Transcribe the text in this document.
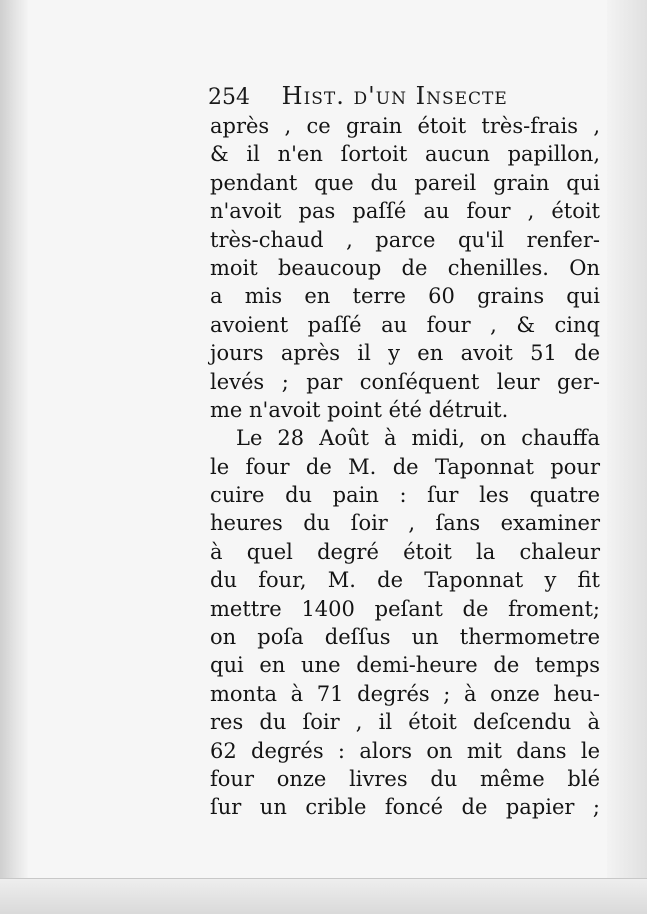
254 Hist. d'un Insecte
après , ce grain étoit très-frais ,
& il n'en ſortoit aucun papillon,
pendant que du pareil grain qui
n'avoit pas paſſé au four , étoit
très-chaud , parce qu'il renfer-
moit beaucoup de chenilles. On
a mis en terre 60 grains qui
avoient paſſé au four , & cinq
jours après il y en avoit 51 de
levés ; par conſéquent leur ger-
me n'avoit point été détruit.
Le 28 Août à midi, on chauffa
le four de M. de Taponnat pour
cuire du pain : ſur les quatre
heures du ſoir , ſans examiner
à quel degré étoit la chaleur
du four, M. de Taponnat y fit
mettre 1400 peſant de froment;
on poſa deſſus un thermometre
qui en une demi-heure de temps
monta à 71 degrés ; à onze heu-
res du ſoir , il étoit deſcendu à
62 degrés : alors on mit dans le
four onze livres du même blé
ſur un crible foncé de papier ;
